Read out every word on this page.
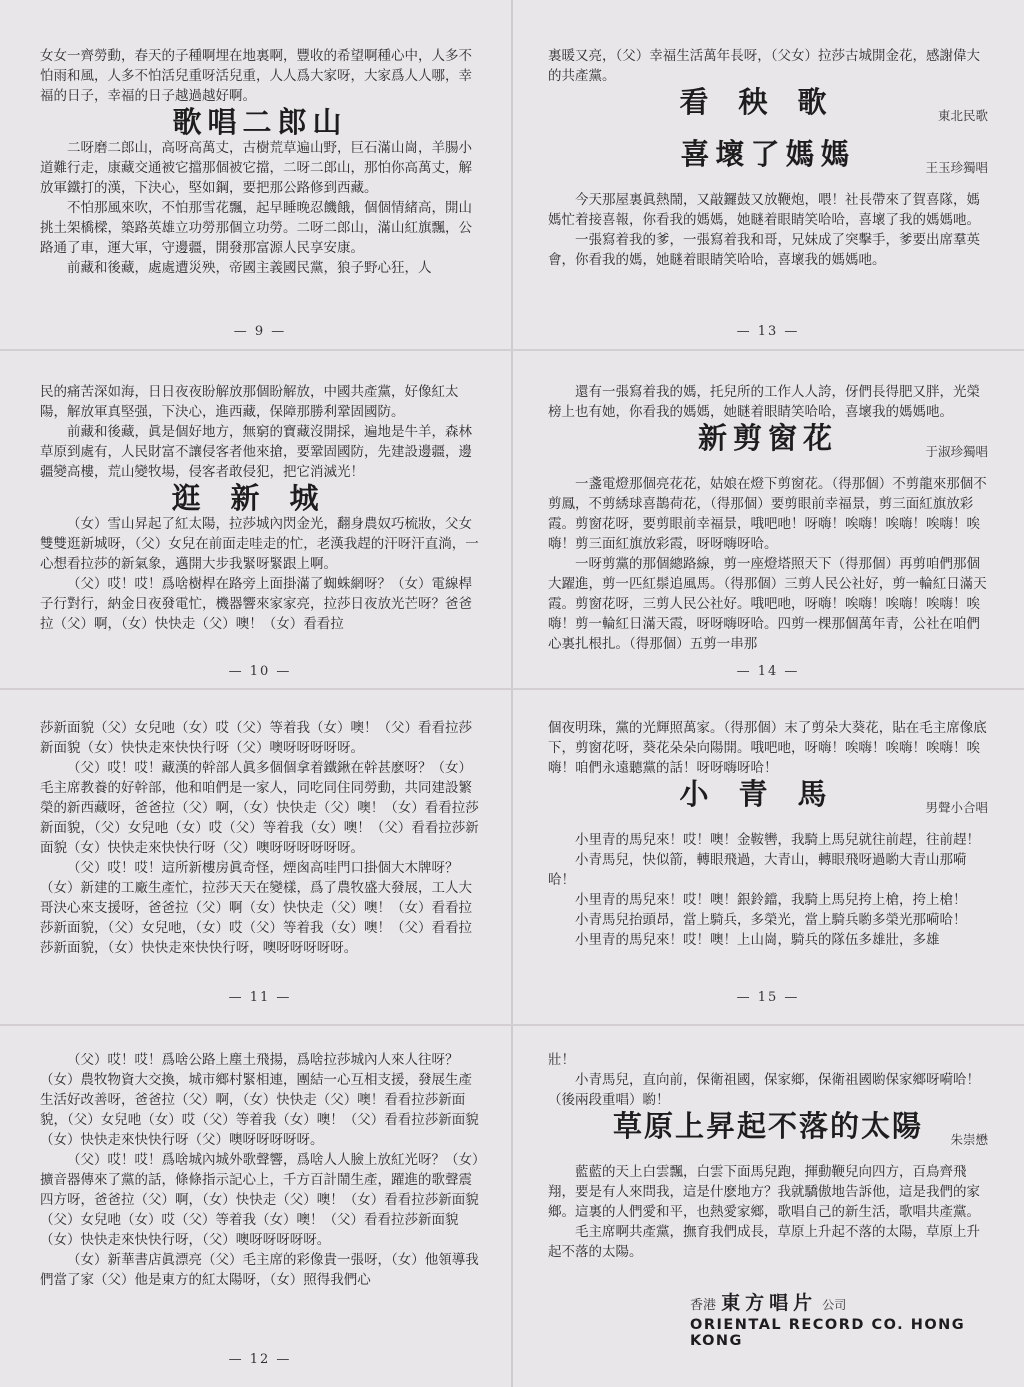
女女一齊勞動，春天的子種啊埋在地裏啊，豐收的希望啊種心中，人多不怕雨和風，人多不怕活兒重呀活兒重，人人爲大家呀，大家爲人人哪，幸福的日子，幸福的日子越過越好啊。

歌唱二郎山

二呀磨二郎山，高呀高萬丈，古樹荒草遍山野，巨石滿山崗，羊腸小道難行走，康藏交通被它擋那個被它擋，二呀二郎山，那怕你高萬丈，解放軍鐵打的漢，下決心，堅如鋼，要把那公路修到西藏。

不怕那風來吹，不怕那雪花飄，起早睡晚忍饑餓，個個情緒高，開山挑土架橋樑，築路英雄立功勞那個立功勞。二呀二郎山，滿山紅旗飄，公路通了車，運大軍，守邊疆，開發那富源人民享安康。

前藏和後藏，處處遭災殃，帝國主義國民黨，狼子野心狂，人

— 9 —

民的痛苦深如海，日日夜夜盼解放那個盼解放，中國共產黨，好像紅太陽，解放軍真堅强，下決心，進西藏，保障那勝利鞏固國防。

前藏和後藏，眞是個好地方，無窮的寶藏沒開採，遍地是牛羊，森林草原到處有，人民財富不讓侵客者他來搶，要鞏固國防，先建設邊疆，邊疆變高樓，荒山變牧場，侵客者敢侵犯，把它消滅光！

逛新城

（女）雪山昇起了紅太陽，拉莎城內閃金光，翻身農奴巧梳妝，父女雙雙逛新城呀，（父）女兒在前面走哇走的忙，老漢我趕的汗呀汗直淌，一心想看拉莎的新氣象，邁開大步我緊呀緊跟上啊。

（父）哎！哎！爲啥樹桿在路旁上面掛滿了蜘蛛網呀？（女）電線桿子行對行，納金日夜發電忙，機器響來家家亮，拉莎日夜放光芒呀？爸爸拉（父）啊，（女）快快走（父）噢！（女）看看拉

— 10 —

莎新面貌（父）女兒吔（女）哎（父）等着我（女）噢！（父）看看拉莎新面貌（女）快快走來快快行呀（父）噢呀呀呀呀呀。

（父）哎！哎！藏漢的幹部人眞多個個拿着鐵鍬在幹甚麽呀？（女）毛主席教養的好幹部，他和咱們是一家人，同吃同住同勞動，共同建設繁榮的新西藏呀，爸爸拉（父）啊，（女）快快走（父）噢！（女）看看拉莎新面貌，（父）女兒吔（女）哎（父）等着我（女）噢！（父）看看拉莎新面貌（女）快快走來快快行呀（父）噢呀呀呀呀呀呀。

（父）哎！哎！這所新樓房眞奇怪，煙囪高哇門口掛個大木牌呀？（女）新建的工廠生產忙，拉莎天天在變樣，爲了農牧盛大發展，工人大哥決心來支援呀，爸爸拉（父）啊（女）快快走（父）噢！（女）看看拉莎新面貌，（父）女兒吔，（女）哎（父）等着我（女）噢！（父）看看拉莎新面貌，（女）快快走來快快行呀，噢呀呀呀呀呀。

— 11 —

（父）哎！哎！爲啥公路上塵土飛揚，爲啥拉莎城內人來人往呀？（女）農牧物資大交換，城市鄉村緊相連，團結一心互相支援，發展生產生活好改善呀，爸爸拉（父）啊，（女）快快走（父）噢！看看拉莎新面貌，（父）女兒吔（女）哎（父）等着我（女）噢！（父）看看拉莎新面貌（女）快快走來快快行呀（父）噢呀呀呀呀呀。

（父）哎！哎！爲啥城內城外歌聲響，爲啥人人臉上放紅光呀？（女）擴音器傳來了黨的話，條條指示記心上，千方百計鬧生產，躍進的歌聲震四方呀，爸爸拉（父）啊，（女）快快走（父）噢！（女）看看拉莎新面貌（父）女兒吔（女）哎（父）等着我（女）噢！（父）看看拉莎新面貌（女）快快走來快快行呀，（父）噢呀呀呀呀呀。

（女）新華書店眞漂亮（父）毛主席的彩像貴一張呀，（女）他領導我們當了家（父）他是東方的紅太陽呀，（女）照得我們心

— 12 —

裏暖又亮，（父）幸福生活萬年長呀，（父女）拉莎古城開金花，感謝偉大的共產黨。

看秧歌	東北民歌
喜壞了媽媽	王玉珍獨唱

今天那屋裏眞熱鬧，又敲鑼鼓又放鞭炮，喂！社長帶來了賀喜隊，媽媽忙着接喜報，你看我的媽媽，她瞇着眼睛笑哈哈，喜壞了我的媽媽吔。

一張寫着我的爹，一張寫着我和哥，兄妹成了突擊手，爹要出席羣英會，你看我的媽，她瞇着眼睛笑哈哈，喜壞我的媽媽吔。

— 13 —

還有一張寫着我的媽，托兒所的工作人人誇，伢們長得肥又胖，光榮榜上也有她，你看我的媽媽，她瞇着眼睛笑哈哈，喜壞我的媽媽吔。

新剪窗花	于淑珍獨唱

一盞電燈那個亮花花，姑娘在燈下剪窗花。（得那個）不剪龍來那個不剪鳳，不剪綉球喜鵲荷花，（得那個）要剪眼前幸福景，剪三面紅旗放彩霞。剪窗花呀，要剪眼前幸福景，哦吧吔！呀嗨！唉嗨！唉嗨！唉嗨！唉嗨！剪三面紅旗放彩霞，呀呀嗨呀哈。

一呀剪黨的那個總路線，剪一座燈塔照天下（得那個）再剪咱們那個大躍進，剪一匹紅鬃追風馬。（得那個）三剪人民公社好，剪一輪紅日滿天霞。剪窗花呀，三剪人民公社好。哦吧吔，呀嗨！唉嗨！唉嗨！唉嗨！唉嗨！剪一輪紅日滿天霞，呀呀嗨呀哈。四剪一棵那個萬年青，公社在咱們心裏扎根扎。（得那個）五剪一串那

— 14 —

個夜明珠，黨的光輝照萬家。（得那個）末了剪朵大葵花，貼在毛主席像底下，剪窗花呀，葵花朵朵向陽開。哦吧吔，呀嗨！唉嗨！唉嗨！唉嗨！唉嗨！咱們永遠聽黨的話！呀呀嗨呀哈！

小青馬	男聲小合唱

小里青的馬兒來！哎！噢！金鞍轡，我騎上馬兒就往前趕，往前趕！

小青馬兒，快似箭，轉眼飛過，大青山，轉眼飛呀過喲大青山那嗬哈！

小里青的馬兒來！哎！噢！銀鈴鐺，我騎上馬兒挎上槍，挎上槍！

小青馬兒抬頭昂，當上騎兵，多榮光，當上騎兵喲多榮光那嗬哈！

小里青的馬兒來！哎！噢！上山崗，騎兵的隊伍多雄壯，多雄

— 15 —

壯！

小青馬兒，直向前，保衛祖國，保家鄉，保衛祖國喲保家鄉呀嗬哈！（後兩段重唱）喲！

草原上昇起不落的太陽	朱崇懋

藍藍的天上白雲飄，白雲下面馬兒跑，揮動鞭兒向四方，百鳥齊飛翔，要是有人來問我，這是什麽地方？我就驕傲地告訴他，這是我們的家鄉。這裏的人們愛和平，也熱愛家鄉，歌唱自己的新生活，歌唱共產黨。

毛主席啊共產黨，撫育我們成長，草原上升起不落的太陽，草原上升起不落的太陽。

香港 東方唱片 公司
ORIENTAL RECORD CO. HONG KONG
